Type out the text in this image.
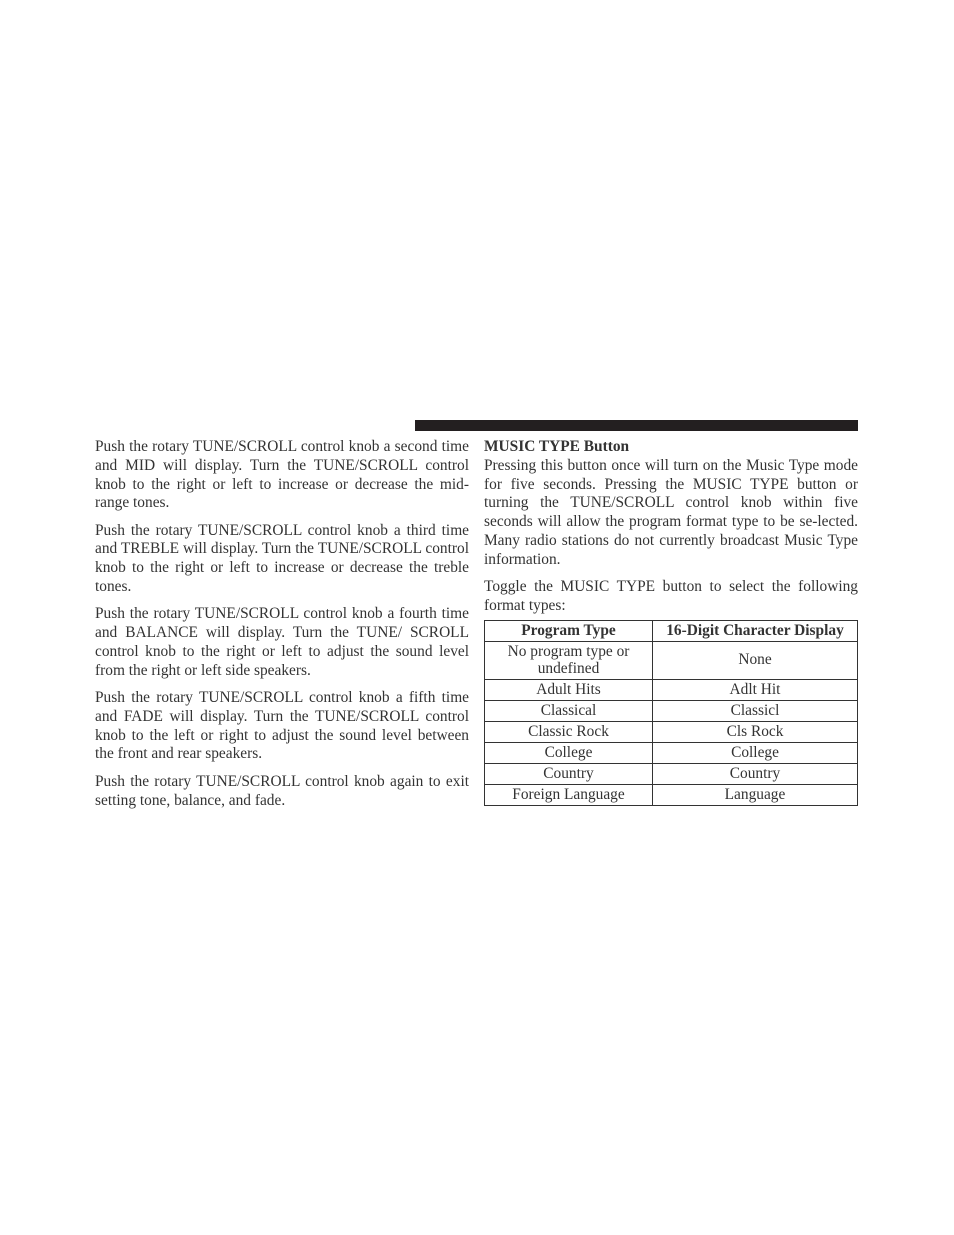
Push the rotary TUNE/SCROLL control knob a second time and MID will display. Turn the TUNE/SCROLL control knob to the right or left to increase or decrease the mid-range tones.

Push the rotary TUNE/SCROLL control knob a third time and TREBLE will display. Turn the TUNE/SCROLL control knob to the right or left to increase or decrease the treble tones.

Push the rotary TUNE/SCROLL control knob a fourth time and BALANCE will display. Turn the TUNE/ SCROLL control knob to the right or left to adjust the sound level from the right or left side speakers.

Push the rotary TUNE/SCROLL control knob a fifth time and FADE will display. Turn the TUNE/SCROLL control knob to the left or right to adjust the sound level between the front and rear speakers.

Push the rotary TUNE/SCROLL control knob again to exit setting tone, balance, and fade.

MUSIC TYPE Button

Pressing this button once will turn on the Music Type mode for five seconds. Pressing the MUSIC TYPE button or turning the TUNE/SCROLL control knob within five seconds will allow the program format type to be se-lected. Many radio stations do not currently broadcast Music Type information.

Toggle the MUSIC TYPE button to select the following format types:

Program Type	16-Digit Character Display
No program type or undefined	None
Adult Hits	Adlt Hit
Classical	Classicl
Classic Rock	Cls Rock
College	College
Country	Country
Foreign Language	Language
